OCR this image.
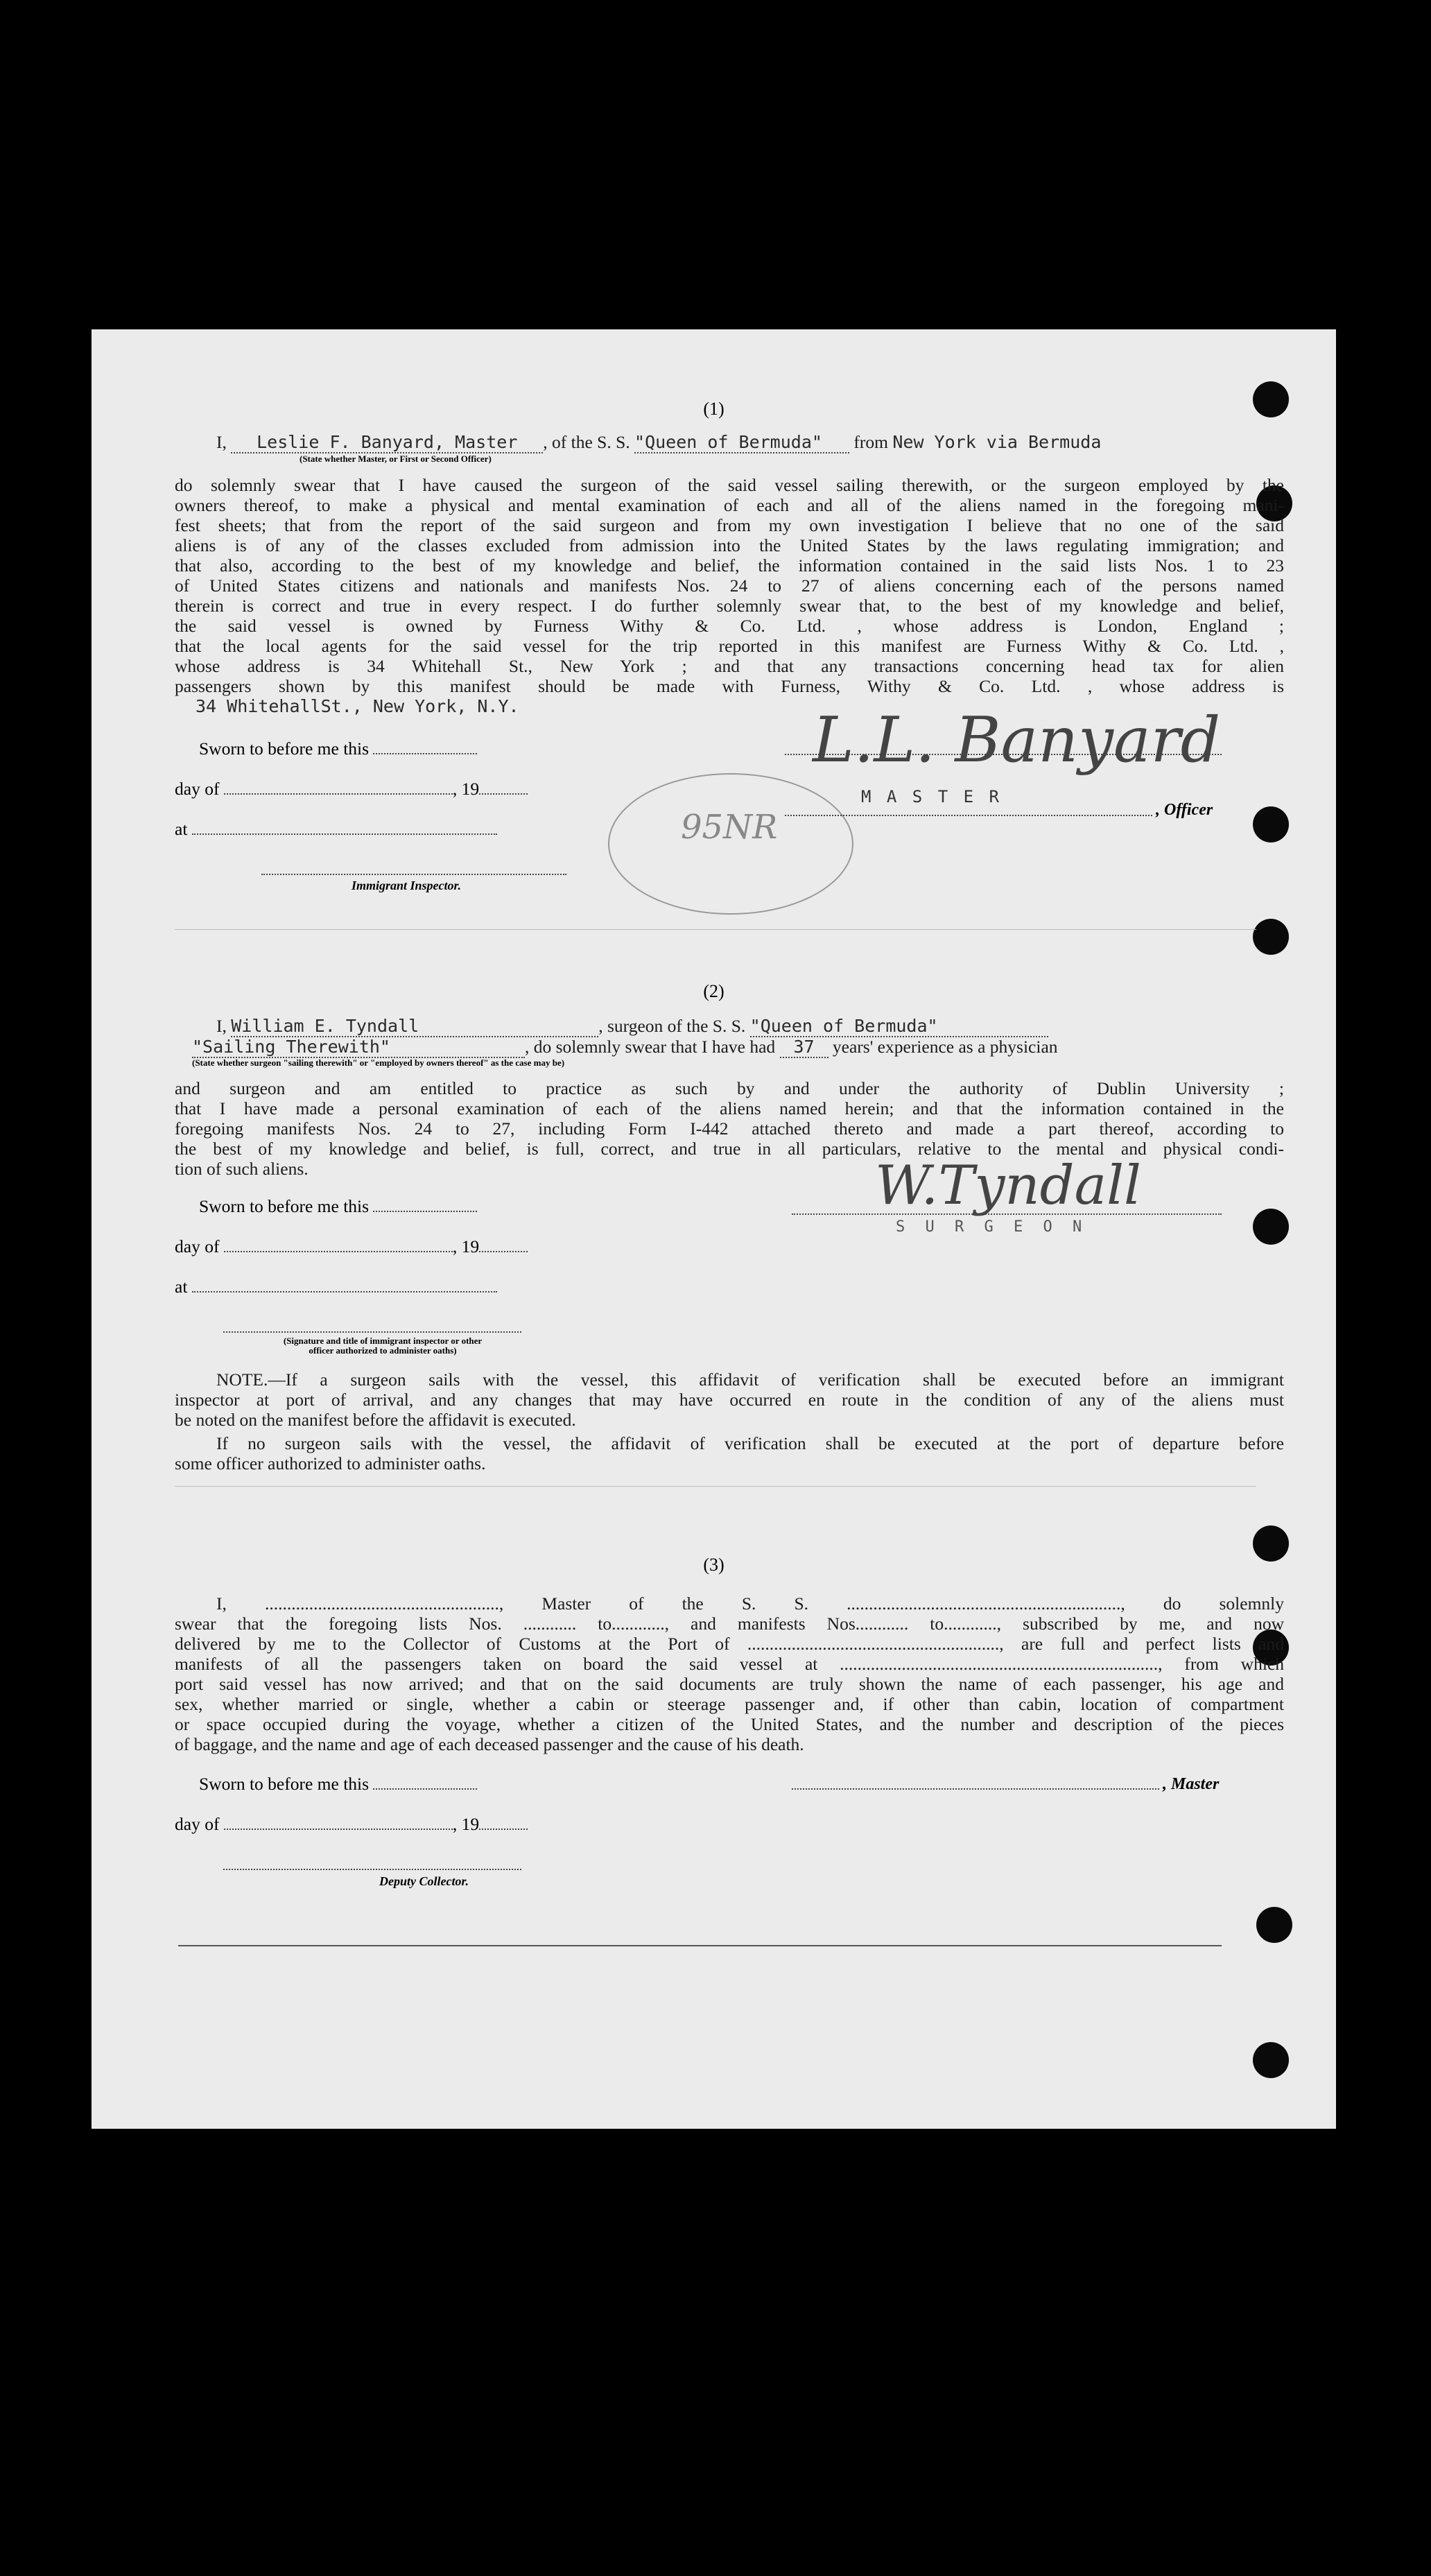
(1)
I, Leslie F. Banyard, Master , of the S. S. "Queen of Bermuda" from New York via Bermuda
(State whether Master, or First or Second Officer)
do solemnly swear that I have caused the surgeon of the said vessel sailing therewith, or the surgeon employed by the
owners thereof, to make a physical and mental examination of each and all of the aliens named in the foregoing mani-
fest sheets; that from the report of the said surgeon and from my own investigation I believe that no one of the said
aliens is of any of the classes excluded from admission into the United States by the laws regulating immigration; and
that also, according to the best of my knowledge and belief, the information contained in the said lists Nos. 1 to 23
of United States citizens and nationals and manifests Nos. 24 to 27 of aliens concerning each of the persons named
therein is correct and true in every respect. I do further solemnly swear that, to the best of my knowledge and belief,
the said vessel is owned by Furness Withy & Co. Ltd. , whose address is London, England ;
that the local agents for the said vessel for the trip reported in this manifest are Furness Withy & Co. Ltd. ,
whose address is 34 Whitehall St., New York ; and that any transactions concerning head tax for alien
passengers shown by this manifest should be made with Furness, Withy & Co. Ltd. , whose address is
34 WhitehallSt., New York, N.Y.
Sworn to before me this
day of	, 19
at
Immigrant Inspector.
95NR
L.L. Banyard
M A S T E R
, Officer
(2)
I, William E. Tyndall	, surgeon of the S. S. "Queen of Bermuda"
"Sailing Therewith"	, do solemnly swear that I have had 37 years' experience as a physician
(State whether surgeon "sailing therewith" or "employed by owners thereof" as the case may be)
and surgeon and am entitled to practice as such by and under the authority of Dublin University ;
that I have made a personal examination of each of the aliens named herein; and that the information contained in the
foregoing manifests Nos. 24 to 27, including Form I-442 attached thereto and made a part thereof, according to
the best of my knowledge and belief, is full, correct, and true in all particulars, relative to the mental and physical condi-
tion of such aliens.
Sworn to before me this
day of	, 19
at
(Signature and title of immigrant inspector or other officer authorized to administer oaths)
W.Tyndall
S U R G E O N
NOTE.—If a surgeon sails with the vessel, this affidavit of verification shall be executed before an immigrant
inspector at port of arrival, and any changes that may have occurred en route in the condition of any of the aliens must
be noted on the manifest before the affidavit is executed.
If no surgeon sails with the vessel, the affidavit of verification shall be executed at the port of departure before
some officer authorized to administer oaths.
(3)
I, ....................................................., Master of the S. S. .............................................................., do solemnly
swear that the foregoing lists Nos. ............ to............, and manifests Nos............ to............, subscribed by me, and now
delivered by me to the Collector of Customs at the Port of ........................................................., are full and perfect lists and
manifests of all the passengers taken on board the said vessel at ........................................................................, from which
port said vessel has now arrived; and that on the said documents are truly shown the name of each passenger, his age and
sex, whether married or single, whether a cabin or steerage passenger and, if other than cabin, location of compartment
or space occupied during the voyage, whether a citizen of the United States, and the number and description of the pieces
of baggage, and the name and age of each deceased passenger and the cause of his death.
Sworn to before me this	, Master
day of	, 19
Deputy Collector.
